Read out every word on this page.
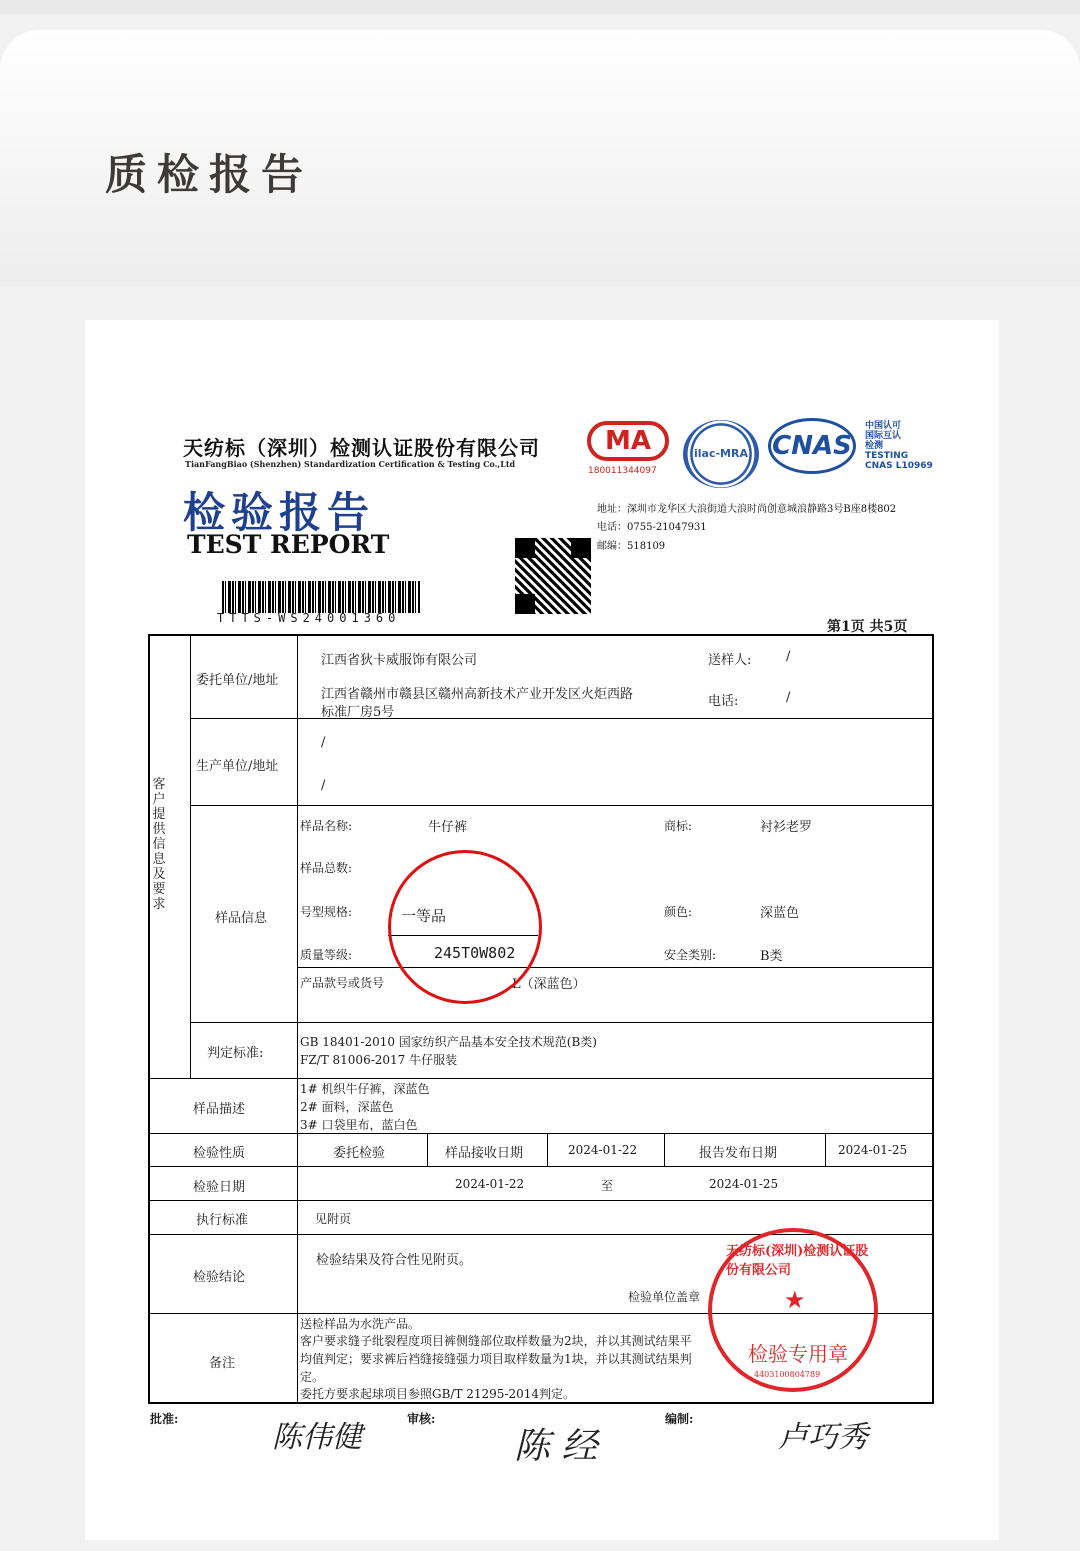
质检报告
天纺标（深圳）检测认证股份有限公司
TianFangBiao (Shenzhen) Standardization Certification & Testing Co.,Ltd
检验报告
TEST REPORT
TTTS-WS24001360
MA
180011344097
ilac-MRA CNAS
中国认可
国际互认
检测
TESTING
CNAS L10969
地址：深圳市龙华区大浪街道大浪时尚创意城浪静路3号B座8楼802
电话：0755-21047931
邮编：518109
第1页 共5页
客户提供信息及要求
委托单位/地址
江西省狄卡威服饰有限公司
江西省赣州市赣县区赣州高新技术产业开发区火炬西路
标准厂房5号
送样人:	/
电话:	/
生产单位/地址
/
/
样品信息
样品名称:	牛仔裤	商标:	衬衫老罗
样品总数:
号型规格:	一等品	颜色:	深蓝色
质量等级:	245T0W802	安全类别:	B类
产品款号或货号	L（深蓝色）
判定标准:
GB 18401-2010 国家纺织产品基本安全技术规范(B类)
FZ/T 81006-2017 牛仔服装
样品描述
1# 机织牛仔裤，深蓝色
2# 面料，深蓝色
3# 口袋里布，蓝白色
检验性质	委托检验	样品接收日期	2024-01-22	报告发布日期	2024-01-25
检验日期	2024-01-22	至	2024-01-25
执行标准	见附页
检验结论
检验结果及符合性见附页。
检验单位盖章
备注
送检样品为水洗产品。
客户要求缝子纰裂程度项目裤侧缝部位取样数量为2块，并以其测试结果平
均值判定；要求裤后裆缝接缝强力项目取样数量为1块，并以其测试结果判
定。
委托方要求起球项目参照GB/T 21295-2014判定。
天纺标(深圳)检测认证股份有限公司
★
检验专用章
4403100804789
批准:
陈伟健
审核:
陈 经
编制:
卢巧秀
